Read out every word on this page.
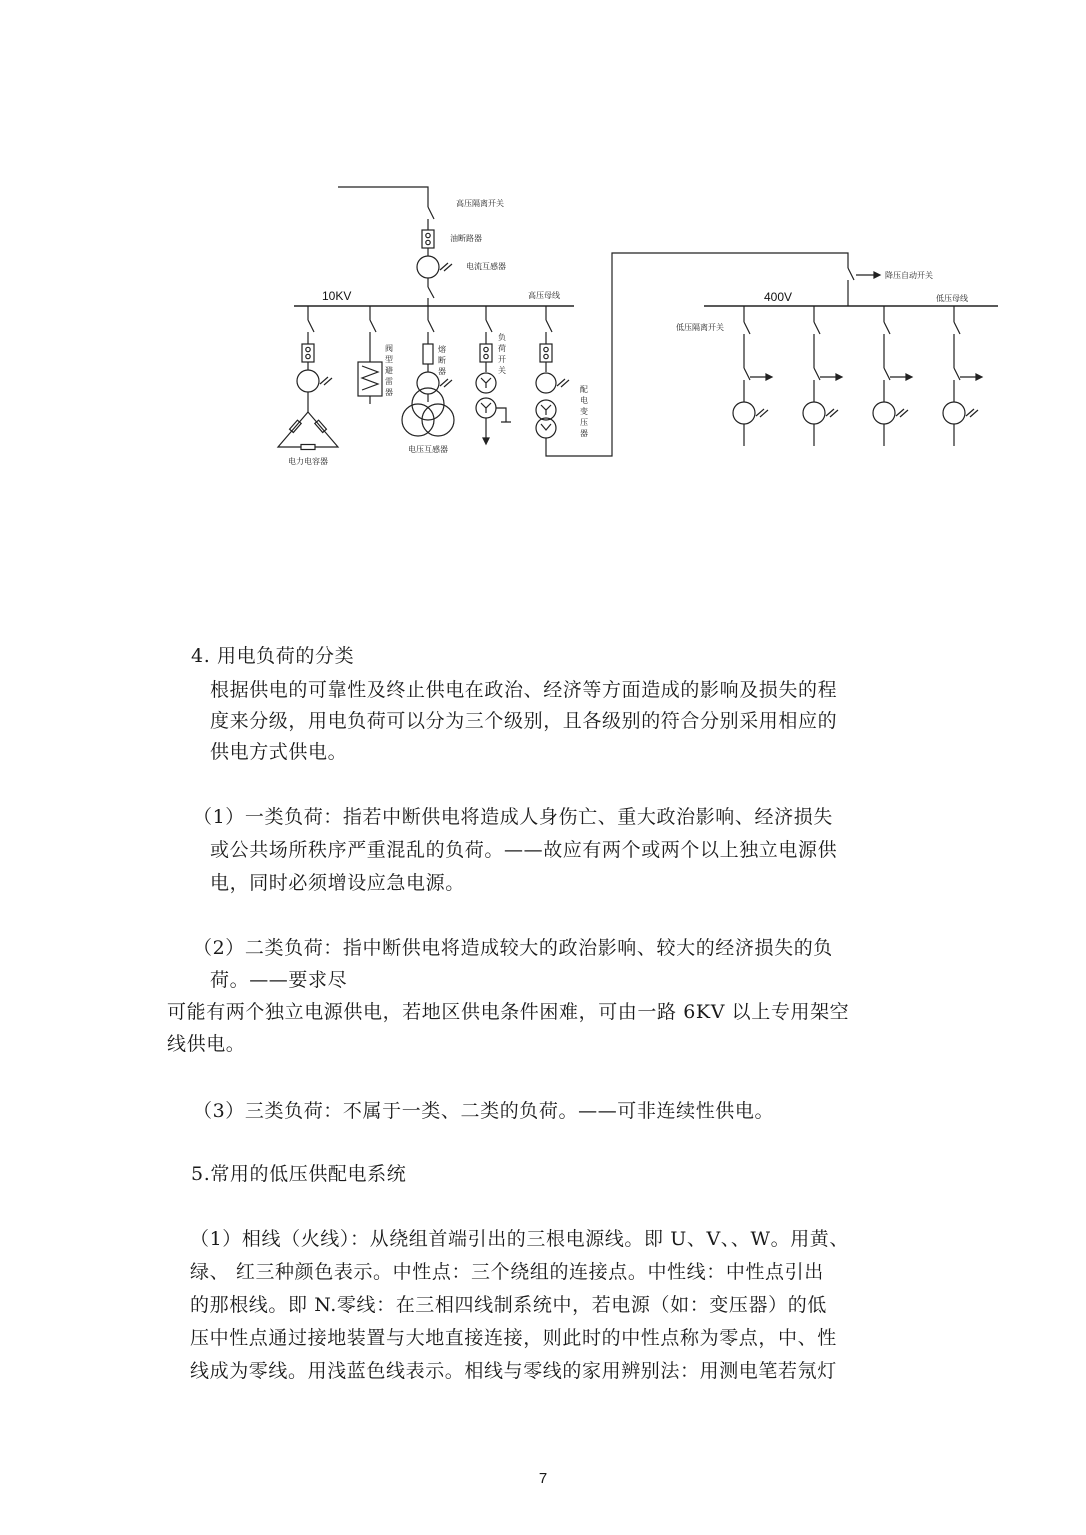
高压隔离开关
油断路器
电流互感器
10KV	高压母线
电力电容器
阀
型
避
雷
器
电压互感器
熔
断
器
负
荷
开
关
配
电
变
压
器
降压自动开关
400V	低压母线
低压隔离开关
4. 用电负荷的分类
根据供电的可靠性及终止供电在政治、经济等方面造成的影响及损失的程
度来分级，用电负荷可以分为三个级别，且各级别的符合分别采用相应的
供电方式供电。
（1）一类负荷：指若中断供电将造成人身伤亡、重大政治影响、经济损失
或公共场所秩序严重混乱的负荷。——故应有两个或两个以上独立电源供
电，同时必须增设应急电源。
（2）二类负荷：指中断供电将造成较大的政治影响、较大的经济损失的负
荷。——要求尽
可能有两个独立电源供电，若地区供电条件困难，可由一路 6KV 以上专用架空
线供电。
（3）三类负荷：不属于一类、二类的负荷。——可非连续性供电。
5.常用的低压供配电系统
（1）相线（火线）：从绕组首端引出的三根电源线。即 U、V、、W。用黄、
绿、 红三种颜色表示。中性点：三个绕组的连接点。中性线：中性点引出
的那根线。即 N.零线：在三相四线制系统中，若电源（如：变压器）的低
压中性点通过接地装置与大地直接连接，则此时的中性点称为零点，中、性
线成为零线。用浅蓝色线表示。相线与零线的家用辨别法：用测电笔若氖灯
7
